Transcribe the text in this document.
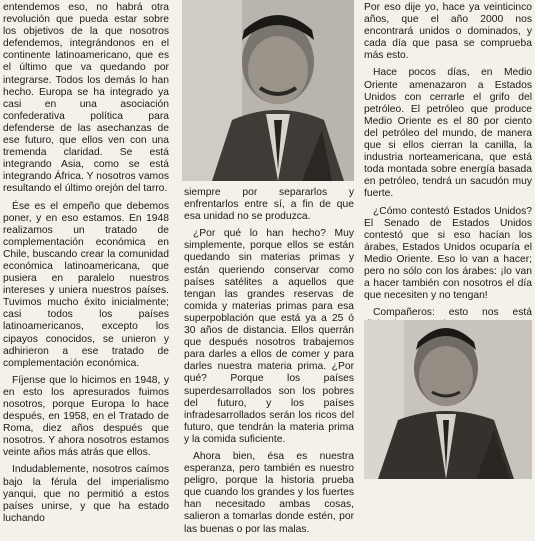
entendemos eso, no habrá otra revolución que pueda estar sobre los objetivos de la que nosotros defendemos, integrándonos en el continente latinoamericano, que es el último que va quedando por integrarse. Todos los demás lo han hecho. Europa se ha integrado ya casi en una asociación confederativa política para defenderse de las asechanzas de ese futuro, que ellos ven con una tremenda claridad. Se está integrando Asia, como se está integrando África. Y nosotros vamos resultando el último orejón del tarro.

Ése es el empeño que debemos poner, y en eso estamos. En 1948 realizamos un tratado de complementación económica en Chile, buscando crear la comunidad económica latinoamericana, que pusiera en paralelo nuestros intereses y uniera nuestros países. Tuvimos mucho éxito inicialmente; casi todos los países latinoamericanos, excepto los cipayos conocidos, se unieron y adhirieron a ese tratado de complementación económica.

Fíjense que lo hicimos en 1948, y en esto los apresurados fuimos nosotros, porque Europa lo hace después, en 1958, en el Tratado de Roma, diez años después que nosotros. Y ahora nosotros estamos veinte años más atrás que ellos.

Indudablemente, nosotros caímos bajo la férula del imperialismo yanqui, que no permitió a estos países unirse, y que ha estado luchando

siempre por separarlos y enfrentarlos entre sí, a fin de que esa unidad no se produzca.

¿Por qué lo han hecho? Muy simplemente, porque ellos se están quedando sin materias primas y están queriendo conservar como países satélites a aquellos que tengan las grandes reservas de comida y materias primas para esa superpoblación que está ya a 25 ó 30 años de distancia. Ellos querrán que después nosotros trabajemos para darles a ellos de comer y para darles nuestra materia prima. ¿Por qué? Porque los países superdesarrollados son los pobres del futuro, y los países infradesarrollados serán los ricos del futuro, que tendrán la materia prima y la comida suficiente.

Ahora bien, ésa es nuestra esperanza, pero también es nuestro peligro, porque la historia prueba que cuando los grandes y los fuertes han necesitado ambas cosas, salieron a tomarlas donde estén, por las buenas o por las malas.

Por eso dije yo, hace ya veinticinco años, que el año 2000 nos encontrará unidos o dominados, y cada día que pasa se comprueba más esto.

Hace pocos días, en Medio Oriente amenazaron a Estados Unidos con cerrarle el grifo del petróleo. El petróleo que produce Medio Oriente es el 80 por ciento del petróleo del mundo, de manera que si ellos cierran la canilla, la industria norteamericana, que está toda montada sobre energía basada en petróleo, tendrá un sacudón muy fuerte.

¿Cómo contestó Estados Unidos? El Senado de Estados Unidos contestó que si eso hacían los árabes, Estados Unidos ocuparía el Medio Oriente. Eso lo van a hacer; pero no sólo con los árabes: ¡lo van a hacer también con nosotros el día que necesiten y no tengan!

Compañeros: esto nos está
